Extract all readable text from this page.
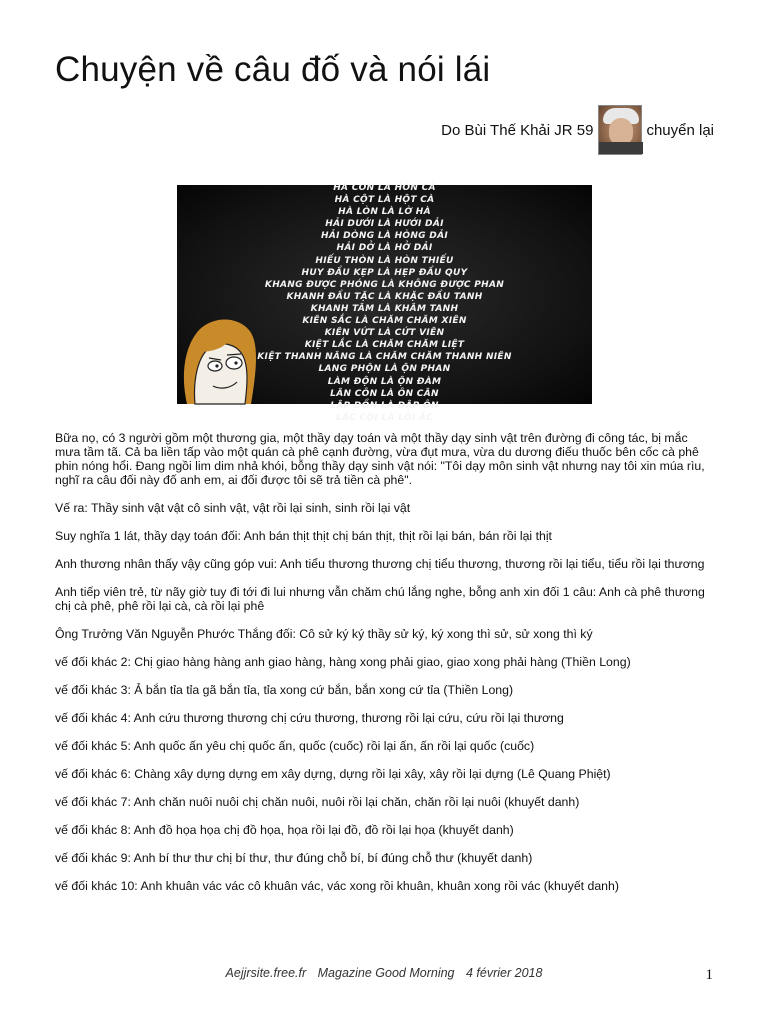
Chuyện về câu đố và nói lái
Do Bùi Thế Khải JR 59	chuyển lại
HÀ CON LÀ HÒN CẢ
HÀ CỘT LÀ HỘT CÀ
HÀ LÒN LÀ LỜ HÀ
HẢI DƯỚI LÀ HƯỚI DẢI
HẢI DÒNG LÀ HÒNG DẢI
HẢI DỞ LÀ HỞ DẢI
HIẾU THÒN LÀ HÒN THIẾU
HUY ĐẦU KẸP LÀ HẸP ĐẦU QUY
KHANG ĐƯỢC PHÓNG LÀ KHÔNG ĐƯỢC PHAN
KHANH ĐẦU TẶC LÀ KHẶC ĐẦU TANH
KHANH TÂM LÀ KHÂM TANH
KIÊN SẮC LÀ CHĂM CHĂM XIÊN
KIÊN VỨT LÀ CỨT VIÊN
KIỆT LẮC LÀ CHĂM CHĂM LIỆT
KIỆT THANH NÂNG LÀ CHĂM CHĂM THANH NIÊN
LANG PHỘN LÀ ỘN PHAN
LÀM ĐỘN LÀ ỘN ĐÀM
LÂN CÔN LÀ ÔN CÂN
LẬP DỒN LÀ DẬP ÔN
LẮC CỌI LÀ LÒI ẮC

Bữa nọ, có 3 người gồm một thương gia, một thầy dạy toán và một thầy dạy sinh vật trên đường đi công tác, bị mắc mưa tầm tã. Cả ba liền tấp vào một quán cà phê cạnh đường, vừa đụt mưa, vừa du dương điếu thuốc bên cốc cà phê phin nóng hổi. Đang ngồi lim dim nhả khói, bỗng thầy dạy sinh vật nói: "Tôi dạy môn sinh vật nhưng nay tôi xin múa rìu, nghĩ ra câu đối này đố anh em, ai đối được tôi sẽ trả tiền cà phê".

Vế ra: Thầy sinh vật vật cô sinh vật, vật rồi lại sinh, sinh rồi lại vật

Suy nghĩa 1 lát, thầy dạy toán đối: Anh bán thịt thịt chị bán thịt, thịt rồi lại bán, bán rồi lại thịt

Anh thương nhân thấy vậy cũng góp vui: Anh tiểu thương thương chị tiểu thương, thương rồi lại tiểu, tiểu rồi lại thương

Anh tiếp viên trẻ, từ nãy giờ tuy đi tới đi lui nhưng vẫn chăm chú lắng nghe, bỗng anh xin đối 1 câu: Anh cà phê thương chị cà phê, phê rồi lại cà, cà rồi lại phê

Ông Trưởng Văn Nguyễn Phước Thắng đối: Cô sử ký ký thầy sử ký, ký xong thì sử, sử xong thì ký

vế đối khác 2: Chị giao hàng hàng anh giao hàng, hàng xong phải giao, giao xong phải hàng (Thiền Long)

vế đối khác 3: Ả bắn tỉa tỉa gã bắn tỉa, tỉa xong cứ bắn, bắn xong cứ tỉa (Thiền Long)

vế đối khác 4: Anh cứu thương thương chị cứu thương, thương rồi lại cứu, cứu rồi lại thương

vế đối khác 5: Anh quốc ấn yêu chị quốc ấn, quốc (cuốc) rồi lại ấn, ấn rồi lại quốc (cuốc)

vế đối khác 6: Chàng xây dựng dựng em xây dựng, dựng rồi lại xây, xây rồi lại dựng (Lê Quang Phiệt)

vế đối khác 7: Anh chăn nuôi nuôi chị chăn nuôi, nuôi rồi lại chăn, chăn rồi lại nuôi (khuyết danh)

vế đối khác 8: Anh đồ họa họa chị đồ họa, họa rồi lại đồ, đồ rồi lại họa (khuyết danh)

vế đối khác 9: Anh bí thư thư chị bí thư, thư đúng chỗ bí, bí đúng chỗ thư (khuyết danh)

vế đối khác 10: Anh khuân vác vác cô khuân vác, vác xong rồi khuân, khuân xong rồi vác (khuyết danh)

Aejjrsite.free.fr Magazine Good Morning 4 février 2018	1
